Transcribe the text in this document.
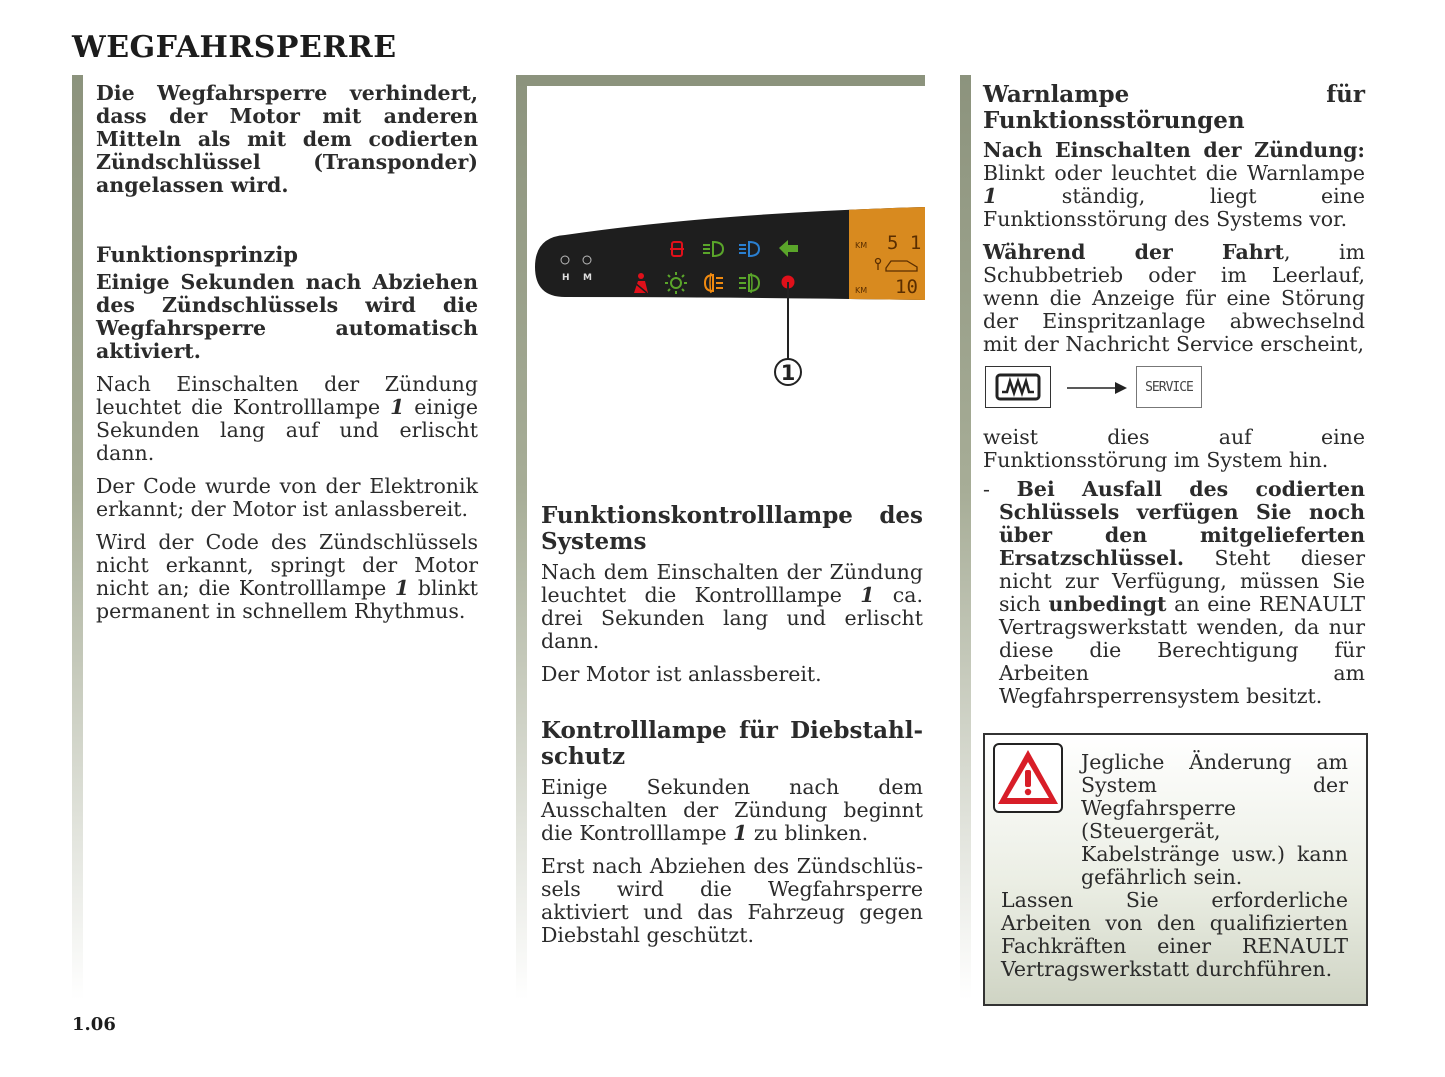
WEGFAHRSPERRE

Die Wegfahrsperre verhindert, dass der Motor mit anderen Mitteln als mit dem codierten Zündschlüssel (Transponder) angelassen wird.

Funktionsprinzip

Einige Sekunden nach Abziehen des Zündschlüssels wird die Wegfahrsperre automatisch aktiviert.

Nach Einschalten der Zündung leuchtet die Kontrolllampe 1 einige Sekunden lang auf und erlischt dann.

Der Code wurde von der Elektronik erkannt; der Motor ist anlassbereit.

Wird der Code des Zündschlüssels nicht erkannt, springt der Motor nicht an; die Kontrolllampe 1 blinkt permanent in schnellem Rhythmus.

H M
KM 5 1
KM 10
1

Funktionskontrolllampe des Systems

Nach dem Einschalten der Zündung leuchtet die Kontrolllampe 1 ca. drei Sekunden lang und erlischt dann.

Der Motor ist anlassbereit.

Kontrolllampe für Diebstahlschutz

Einige Sekunden nach dem Ausschalten der Zündung beginnt die Kontrolllampe 1 zu blinken.

Erst nach Abziehen des Zündschlüssels wird die Wegfahrsperre aktiviert und das Fahrzeug gegen Diebstahl geschützt.

Warnlampe für Funktionsstörungen

Nach Einschalten der Zündung: Blinkt oder leuchtet die Warnlampe 1 ständig, liegt eine Funktionsstörung des Systems vor.

Während der Fahrt, im Schubbetrieb oder im Leerlauf, wenn die Anzeige für eine Störung der Einspritzanlage abwechselnd mit der Nachricht Service erscheint,

SERVICE

weist dies auf eine Funktionsstörung im System hin.

- Bei Ausfall des codierten Schlüssels verfügen Sie noch über den mitgelieferten Ersatzschlüssel. Steht dieser nicht zur Verfügung, müssen Sie sich unbedingt an eine RENAULT Vertragswerkstatt wenden, da nur diese die Berechtigung für Arbeiten am Wegfahrsperrensystem besitzt.

Jegliche Änderung am System der Wegfahrsperre (Steuergerät, Kabelstränge usw.) kann gefährlich sein.

Lassen Sie erforderliche Arbeiten von den qualifizierten Fachkräften einer RENAULT Vertragswerkstatt durchführen.

1.06
